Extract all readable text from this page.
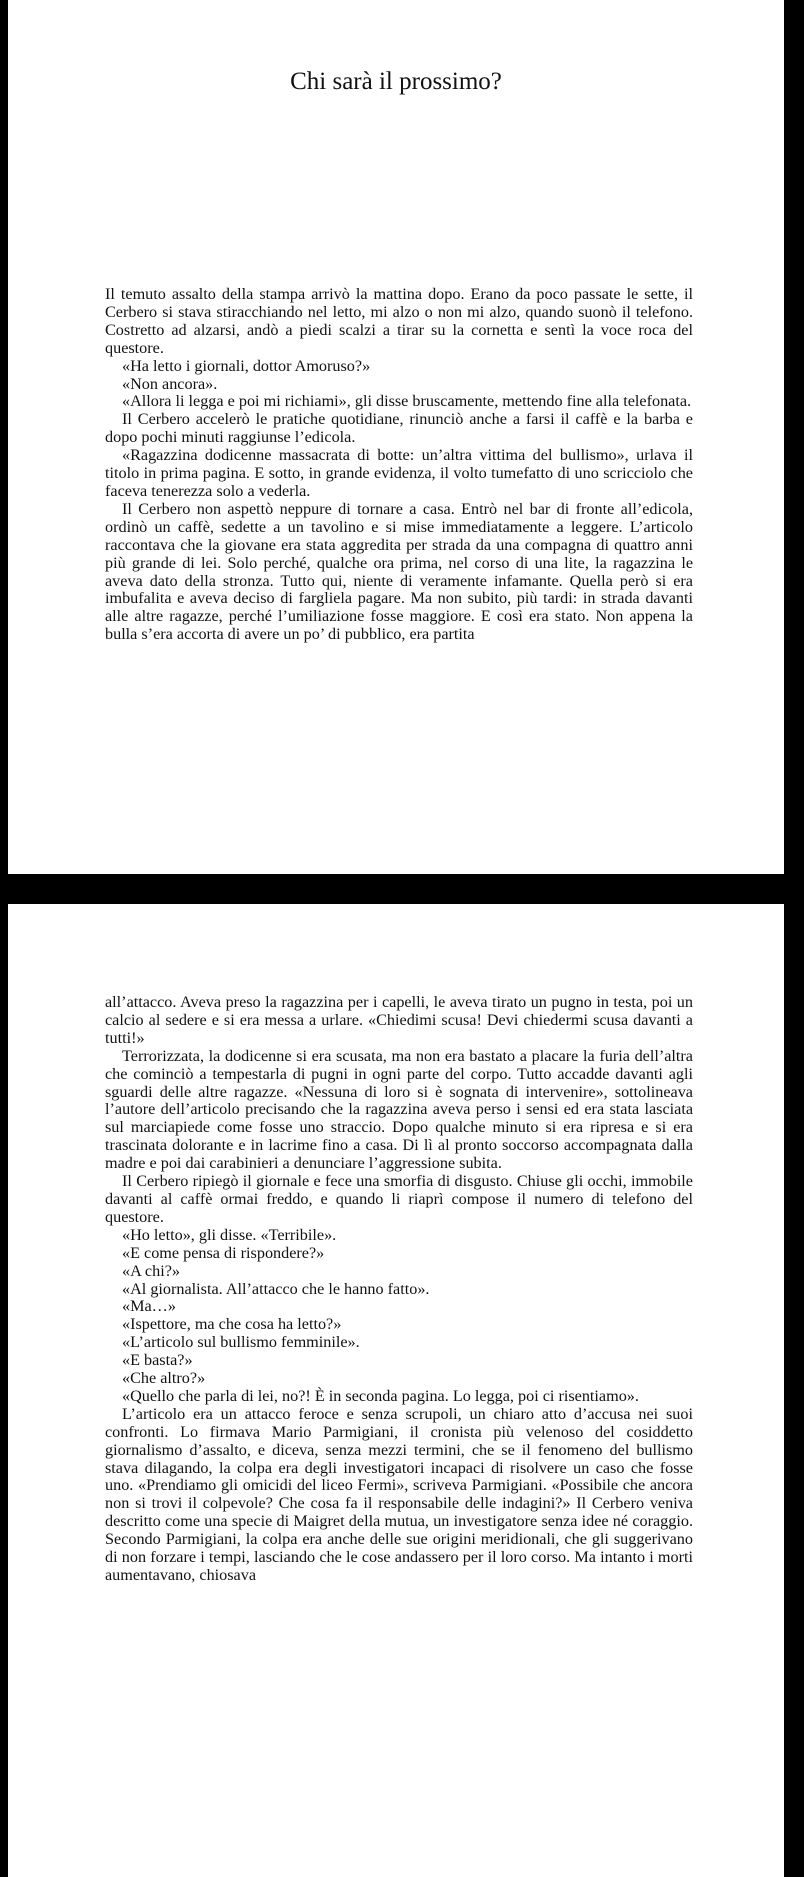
Chi sarà il prossimo?

Il temuto assalto della stampa arrivò la mattina dopo. Erano da poco passate le sette, il Cerbero si stava stiracchiando nel letto, mi alzo o non mi alzo, quando suonò il telefono. Costretto ad alzarsi, andò a piedi scalzi a tirar su la cornetta e sentì la voce roca del questore.

«Ha letto i giornali, dottor Amoruso?»

«Non ancora».

«Allora li legga e poi mi richiami», gli disse bruscamente, mettendo fine alla telefonata.

Il Cerbero accelerò le pratiche quotidiane, rinunciò anche a farsi il caffè e la barba e dopo pochi minuti raggiunse l’edicola.

«Ragazzina dodicenne massacrata di botte: un’altra vittima del bullismo», urlava il titolo in prima pagina. E sotto, in grande evidenza, il volto tumefatto di uno scricciolo che faceva tenerezza solo a vederla.

Il Cerbero non aspettò neppure di tornare a casa. Entrò nel bar di fronte all’edicola, ordinò un caffè, sedette a un tavolino e si mise immediatamente a leggere. L’articolo raccontava che la giovane era stata aggredita per strada da una compagna di quattro anni più grande di lei. Solo perché, qualche ora prima, nel corso di una lite, la ragazzina le aveva dato della stronza. Tutto qui, niente di veramente infamante. Quella però si era imbufalita e aveva deciso di fargliela pagare. Ma non subito, più tardi: in strada davanti alle altre ragazze, perché l’umiliazione fosse maggiore. E così era stato. Non appena la bulla s’era accorta di avere un po’ di pubblico, era partita

all’attacco. Aveva preso la ragazzina per i capelli, le aveva tirato un pugno in testa, poi un calcio al sedere e si era messa a urlare. «Chiedimi scusa! Devi chiedermi scusa davanti a tutti!»

Terrorizzata, la dodicenne si era scusata, ma non era bastato a placare la furia dell’altra che cominciò a tempestarla di pugni in ogni parte del corpo. Tutto accadde davanti agli sguardi delle altre ragazze. «Nessuna di loro si è sognata di intervenire», sottolineava l’autore dell’articolo precisando che la ragazzina aveva perso i sensi ed era stata lasciata sul marciapiede come fosse uno straccio. Dopo qualche minuto si era ripresa e si era trascinata dolorante e in lacrime fino a casa. Di lì al pronto soccorso accompagnata dalla madre e poi dai carabinieri a denunciare l’aggressione subita.

Il Cerbero ripiegò il giornale e fece una smorfia di disgusto. Chiuse gli occhi, immobile davanti al caffè ormai freddo, e quando li riaprì compose il numero di telefono del questore.

«Ho letto», gli disse. «Terribile».

«E come pensa di rispondere?»

«A chi?»

«Al giornalista. All’attacco che le hanno fatto».

«Ma…»

«Ispettore, ma che cosa ha letto?»

«L’articolo sul bullismo femminile».

«E basta?»

«Che altro?»

«Quello che parla di lei, no?! È in seconda pagina. Lo legga, poi ci risentiamo».

L’articolo era un attacco feroce e senza scrupoli, un chiaro atto d’accusa nei suoi confronti. Lo firmava Mario Parmigiani, il cronista più velenoso del cosiddetto giornalismo d’assalto, e diceva, senza mezzi termini, che se il fenomeno del bullismo stava dilagando, la colpa era degli investigatori incapaci di risolvere un caso che fosse uno. «Prendiamo gli omicidi del liceo Fermi», scriveva Parmigiani. «Possibile che ancora non si trovi il colpevole? Che cosa fa il responsabile delle indagini?» Il Cerbero veniva descritto come una specie di Maigret della mutua, un investigatore senza idee né coraggio. Secondo Parmigiani, la colpa era anche delle sue origini meridionali, che gli suggerivano di non forzare i tempi, lasciando che le cose andassero per il loro corso. Ma intanto i morti aumentavano, chiosava
